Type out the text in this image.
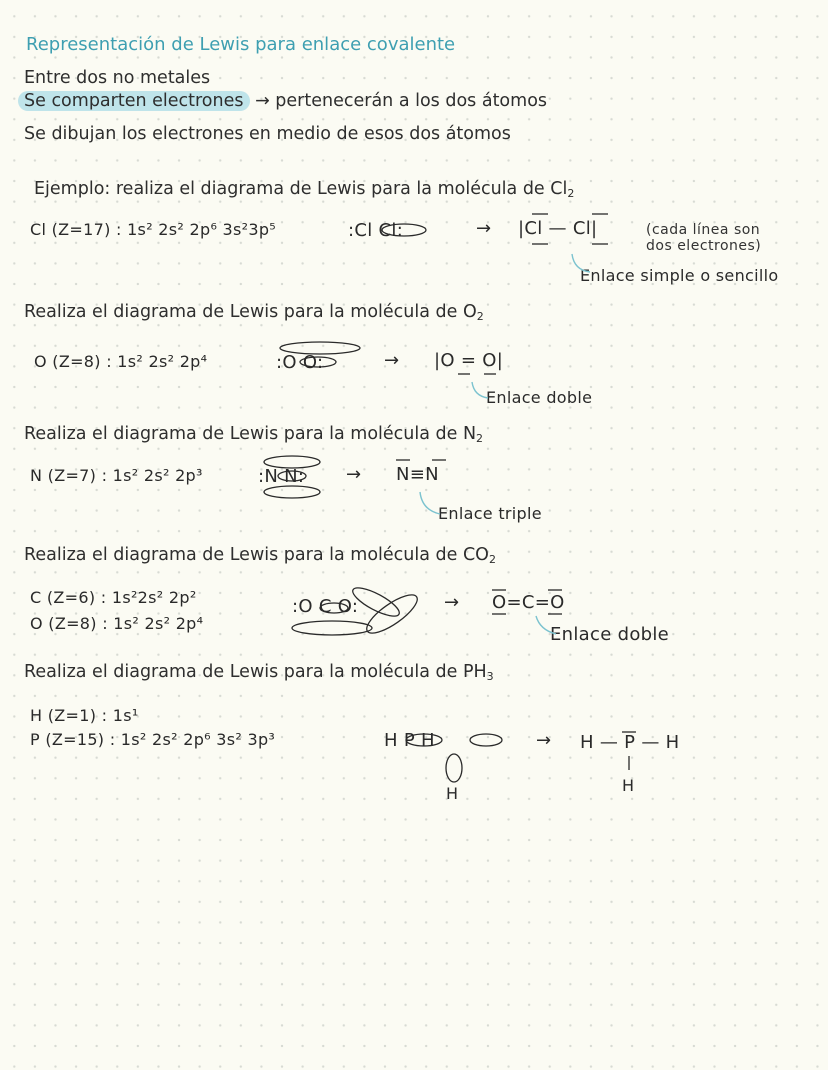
Representación de Lewis para enlace covalente
Entre dos no metales
Se comparten electrones → pertenecerán a los dos átomos
Se dibujan los electrones en medio de esos dos átomos
Ejemplo: realiza el diagrama de Lewis para la molécula de $Cl_2$
Cl (Z=17) : 1s² 2s² 2p⁶ 3s²3p⁵	:Cl Cl:	→ |Cl — Cl|	(cada línea son dos electrones)
Enlace simple o sencillo
Realiza el diagrama de Lewis para la molécula de $O_2$
O (Z=8) : 1s² 2s² 2p⁴	:O O:	→ |O = O|
Enlace doble
Realiza el diagrama de Lewis para la molécula de $N_2$
N (Z=7) : 1s² 2s² 2p³	:N N: → N≡N
Enlace triple
Realiza el diagrama de Lewis para la molécula de $CO_2$
C (Z=6) : 1s²2s² 2p²
O (Z=8) : 1s² 2s² 2p⁴
:O C O:	→ O=C=O
Enlace doble
Realiza el diagrama de Lewis para la molécula de $PH_3$
H (Z=1) : 1s¹
P (Z=15) : 1s² 2s² 2p⁶ 3s² 3p³	H P H
H
→ H — P — H
H
